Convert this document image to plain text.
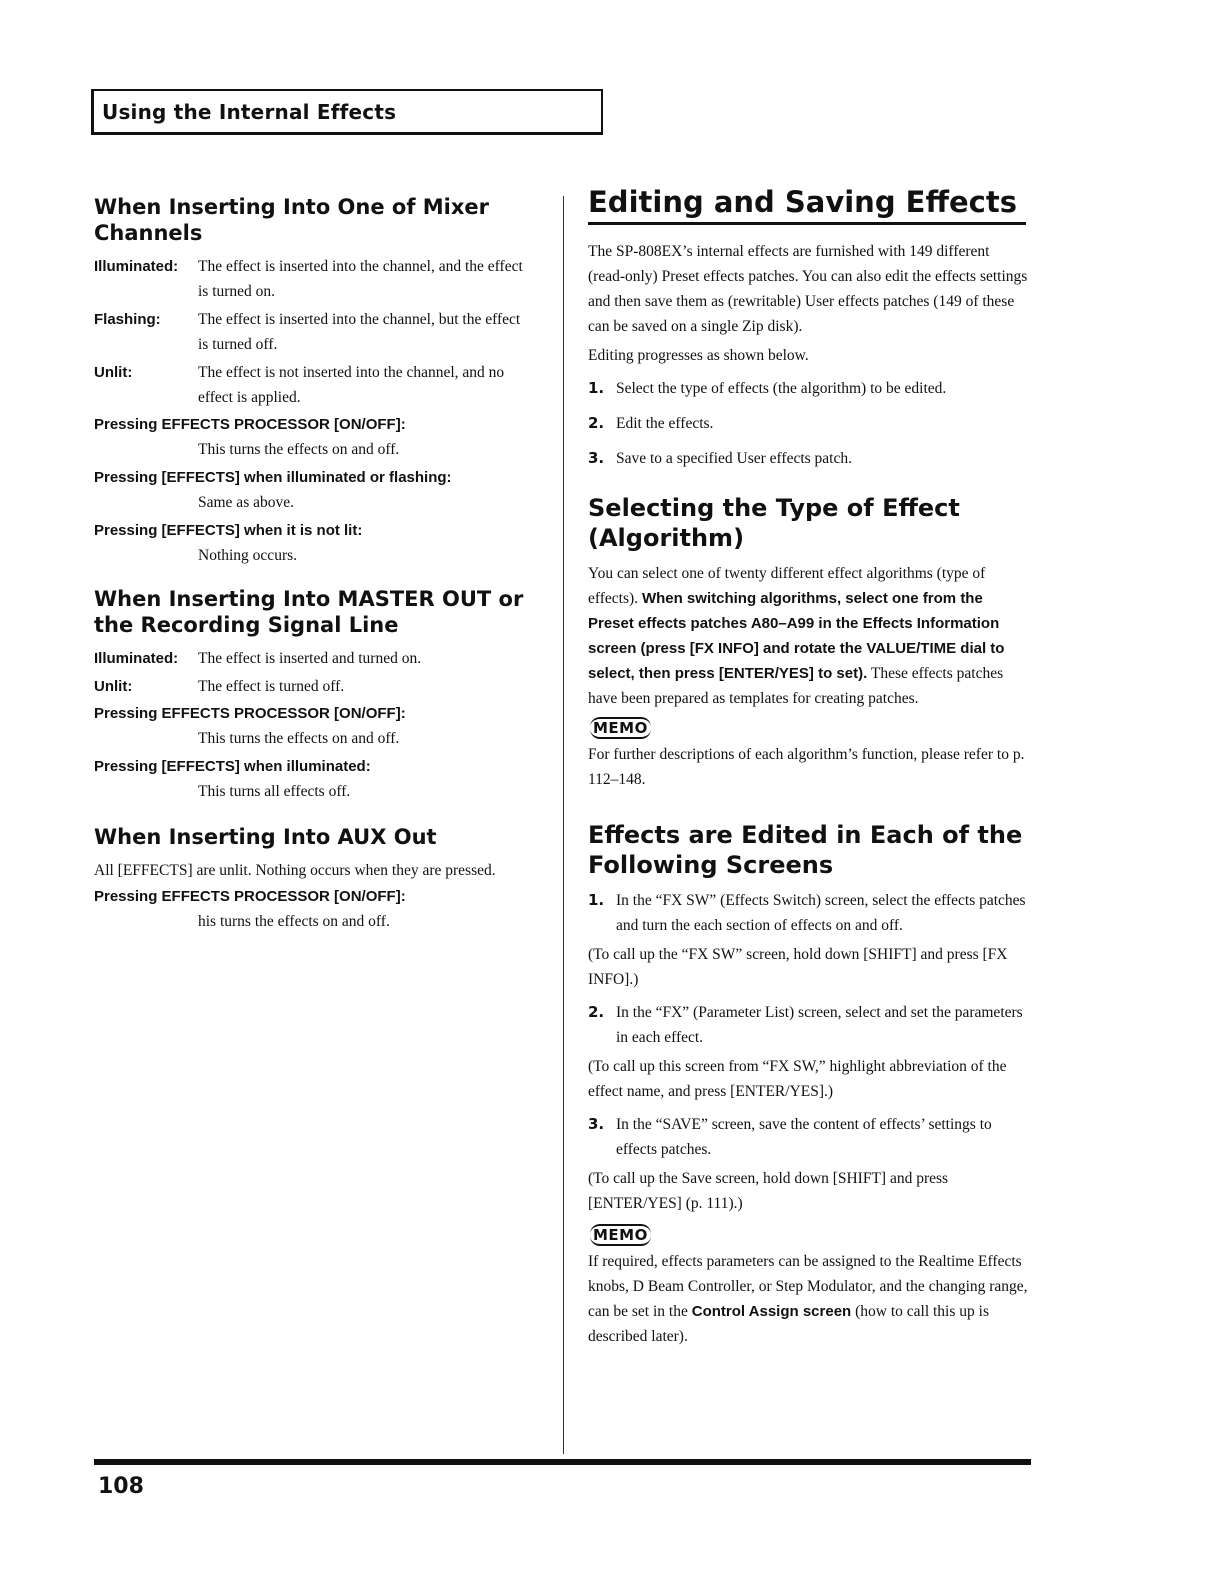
Using the Internal Effects
When Inserting Into One of Mixer Channels
Illuminated:	The effect is inserted into the channel, and the effect is turned on.
Flashing:	The effect is inserted into the channel, but the effect is turned off.
Unlit:	The effect is not inserted into the channel, and no effect is applied.
Pressing EFFECTS PROCESSOR [ON/OFF]:
This turns the effects on and off.
Pressing [EFFECTS] when illuminated or flashing:
Same as above.
Pressing [EFFECTS] when it is not lit:
Nothing occurs.
When Inserting Into MASTER OUT or the Recording Signal Line
Illuminated:	The effect is inserted and turned on.
Unlit:	The effect is turned off.
Pressing EFFECTS PROCESSOR [ON/OFF]:
This turns the effects on and off.
Pressing [EFFECTS] when illuminated:
This turns all effects off.
When Inserting Into AUX Out

All [EFFECTS] are unlit. Nothing occurs when they are pressed.

Pressing EFFECTS PROCESSOR [ON/OFF]:
his turns the effects on and off.
Editing and Saving Effects

The SP-808EX’s internal effects are furnished with 149 different (read-only) Preset effects patches. You can also edit the effects settings and then save them as (rewritable) User effects patches (149 of these can be saved on a single Zip disk).

Editing progresses as shown below.

1. Select the type of effects (the algorithm) to be edited.
2. Edit the effects.
3. Save to a specified User effects patch.
Selecting the Type of Effect (Algorithm)

You can select one of twenty different effect algorithms (type of effects). When switching algorithms, select one from the Preset effects patches A80–A99 in the Effects Information screen (press [FX INFO] and rotate the VALUE/TIME dial to select, then press [ENTER/YES] to set). These effects patches have been prepared as templates for creating patches.

MEMO

For further descriptions of each algorithm’s function, please refer to p. 112–148.

Effects are Edited in Each of the Following Screens
1. In the “FX SW” (Effects Switch) screen, select the effects patches and turn the each section of effects on and off.

(To call up the “FX SW” screen, hold down [SHIFT] and press [FX INFO].)

2. In the “FX” (Parameter List) screen, select and set the parameters in each effect.

(To call up this screen from “FX SW,” highlight abbreviation of the effect name, and press [ENTER/YES].)

3. In the “SAVE” screen, save the content of effects’ settings to effects patches.

(To call up the Save screen, hold down [SHIFT] and press [ENTER/YES] (p. 111).)

MEMO

If required, effects parameters can be assigned to the Realtime Effects knobs, D Beam Controller, or Step Modulator, and the changing range, can be set in the Control Assign screen (how to call this up is described later).

108
